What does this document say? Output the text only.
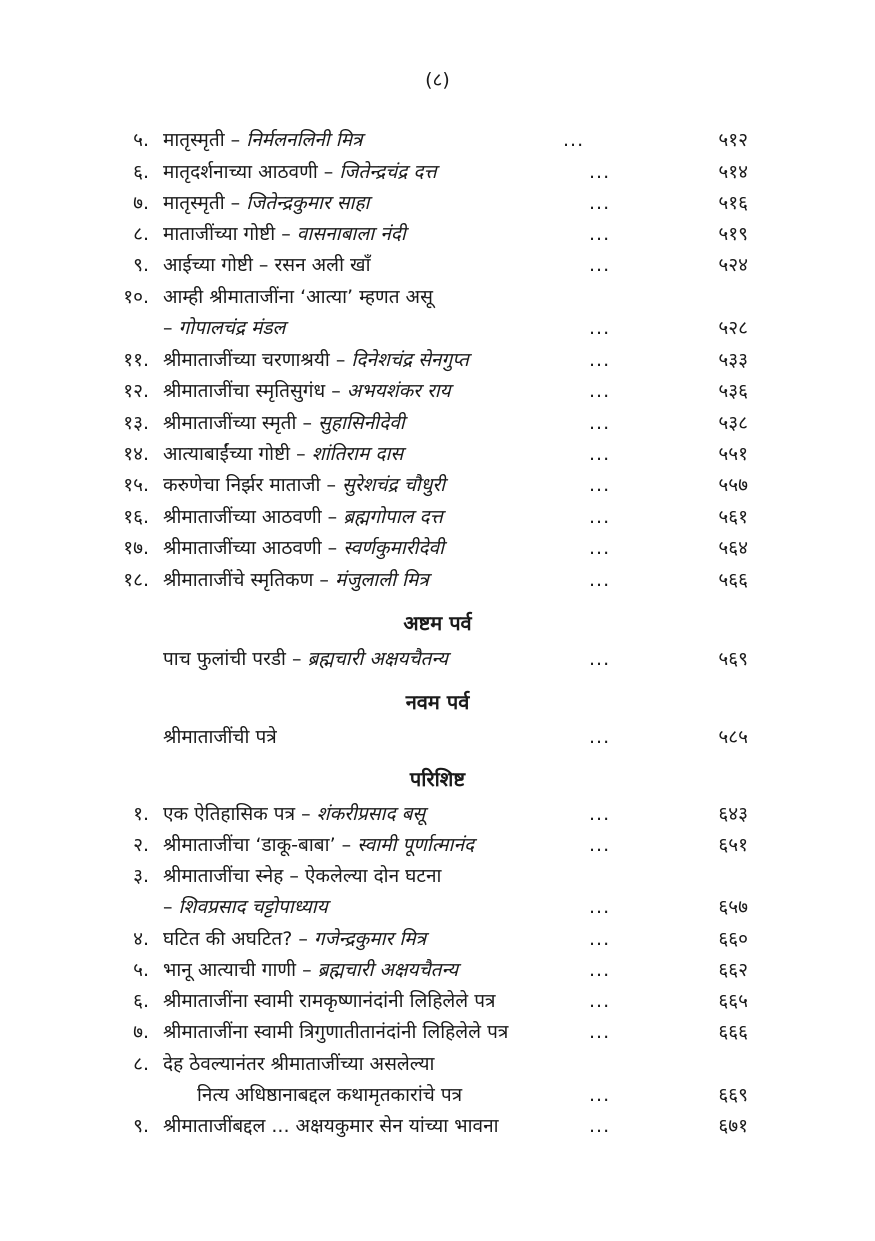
(८)
५. मातृस्मृती – निर्मलनलिनी मित्र	...	५१२
६. मातृदर्शनाच्या आठवणी – जितेन्द्रचंद्र दत्त	...	५१४
७. मातृस्मृती – जितेन्द्रकुमार साहा	...	५१६
८. माताजींच्या गोष्टी – वासनाबाला नंदी	...	५१९
९. आईच्या गोष्टी – रसन अली खाँ	...	५२४
१०. आम्ही श्रीमाताजींना ‘आत्या’ म्हणत असू
– गोपालचंद्र मंडल	...	५२८
११. श्रीमाताजींच्या चरणाश्रयी – दिनेशचंद्र सेनगुप्त	...	५३३
१२. श्रीमाताजींचा स्मृतिसुगंध – अभयशंकर राय	...	५३६
१३. श्रीमाताजींच्या स्मृती – सुहासिनीदेवी	...	५३८
१४. आत्याबाईंच्या गोष्टी – शांतिराम दास	...	५५१
१५. करुणेचा निर्झर माताजी – सुरेशचंद्र चौधुरी	...	५५७
१६. श्रीमाताजींच्या आठवणी – ब्रह्मगोपाल दत्त	...	५६१
१७. श्रीमाताजींच्या आठवणी – स्वर्णकुमारीदेवी	...	५६४
१८. श्रीमाताजींचे स्मृतिकण – मंजुलाली मित्र	...	५६६
अष्टम पर्व
पाच फुलांची परडी – ब्रह्मचारी अक्षयचैतन्य	...	५६९
नवम पर्व
श्रीमाताजींची पत्रे	...	५८५
परिशिष्ट
१. एक ऐतिहासिक पत्र – शंकरीप्रसाद बसू	...	६४३
२. श्रीमाताजींचा ‘डाकू-बाबा’ – स्वामी पूर्णात्मानंद	...	६५१
३. श्रीमाताजींचा स्नेह – ऐकलेल्या दोन घटना
– शिवप्रसाद चट्टोपाध्याय	...	६५७
४. घटित की अघटित? – गजेन्द्रकुमार मित्र	...	६६०
५. भानू आत्याची गाणी – ब्रह्मचारी अक्षयचैतन्य	...	६६२
६. श्रीमाताजींना स्वामी रामकृष्णानंदांनी लिहिलेले पत्र	...	६६५
७. श्रीमाताजींना स्वामी त्रिगुणातीतानंदांनी लिहिलेले पत्र	...	६६६
८. देह ठेवल्यानंतर श्रीमाताजींच्या असलेल्या
नित्य अधिष्ठानाबद्दल कथामृतकारांचे पत्र	...	६६९
९. श्रीमाताजींबद्दल ... अक्षयकुमार सेन यांच्या भावना	...	६७१
